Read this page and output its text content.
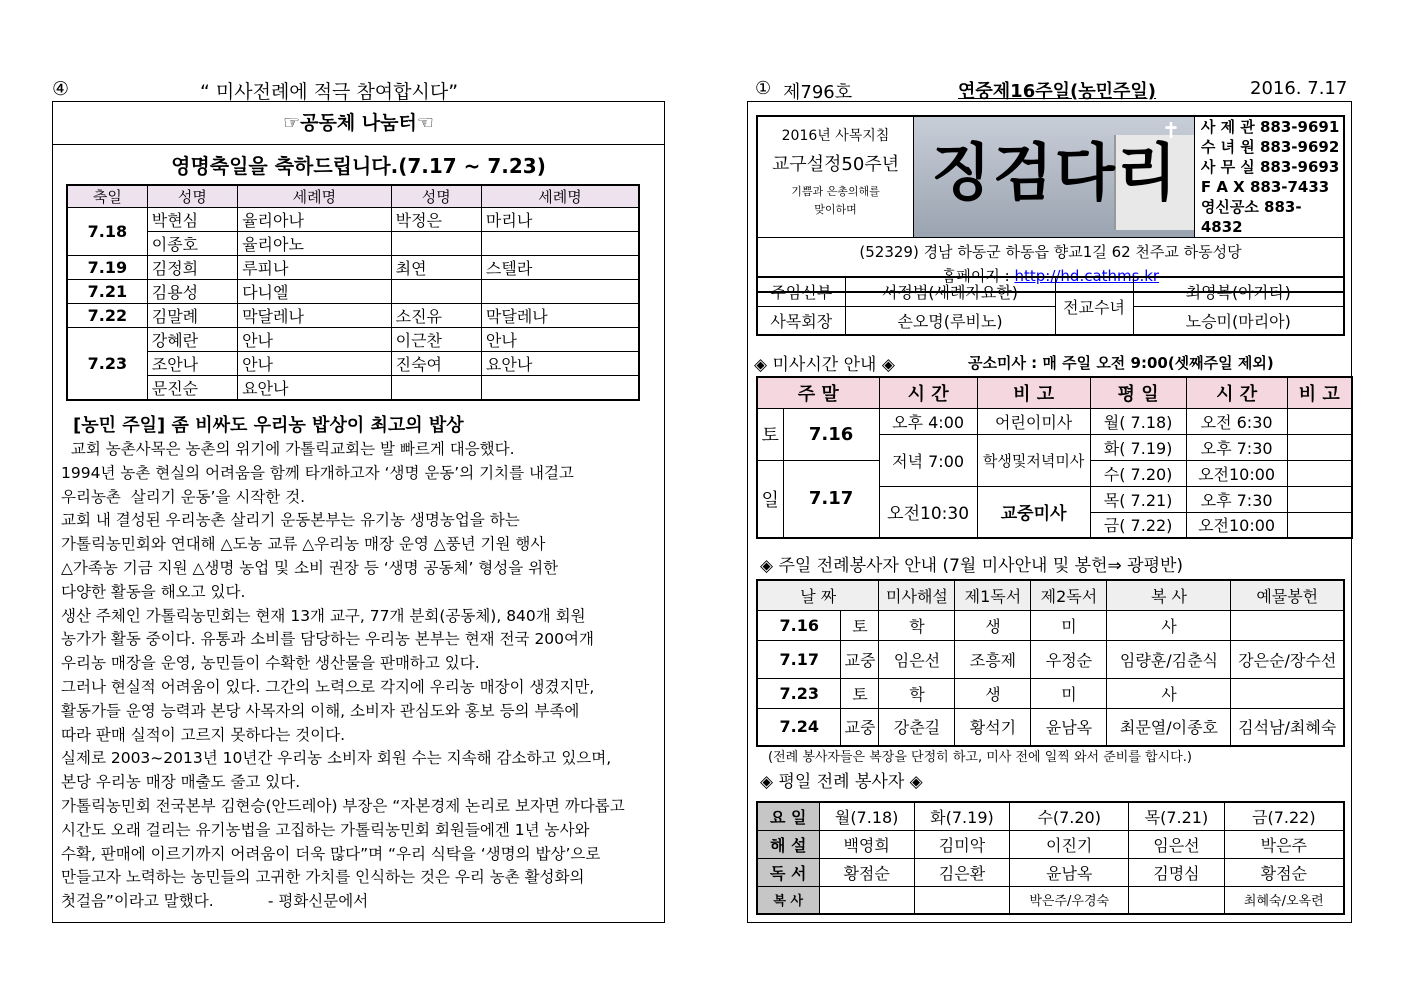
④	“ 미사전례에 적극 참여합시다”
☞공동체 나눔터☜
영명축일을 축하드립니다.(7.17 ~ 7.23)
축일	성명	세례명	성명	세례명
7.18	박현심	율리아나	박정은	마리나
	이종호	율리아노		
7.19	김정희	루피나	최연	스텔라
7.21	김용성	다니엘		
7.22	김말례	막달레나	소진유	막달레나
7.23	강혜란	안나	이근찬	안나
	조안나	안나	진숙여	요안나
	문진순	요안나		
[농민 주일] 좀 비싸도 우리농 밥상이 최고의 밥상
교회 농촌사목은 농촌의 위기에 가톨릭교회는 발 빠르게 대응했다.
1994년 농촌 현실의 어려움을 함께 타개하고자 ‘생명 운동’의 기치를 내걸고
우리농촌  살리기 운동’을 시작한 것.
교회 내 결성된 우리농촌 살리기 운동본부는 유기농 생명농업을 하는
가톨릭농민회와 연대해 △도농 교류 △우리농 매장 운영 △풍년 기원 행사
△가족농 기금 지원 △생명 농업 및 소비 권장 등 ‘생명 공동체’ 형성을 위한
다양한 활동을 해오고 있다.
생산 주체인 가톨릭농민회는 현재 13개 교구, 77개 분회(공동체), 840개 회원
농가가 활동 중이다. 유통과 소비를 담당하는 우리농 본부는 현재 전국 200여개
우리농 매장을 운영, 농민들이 수확한 생산물을 판매하고 있다.
그러나 현실적 어려움이 있다. 그간의 노력으로 각지에 우리농 매장이 생겼지만,
활동가들 운영 능력과 본당 사목자의 이해, 소비자 관심도와 홍보 등의 부족에
따라 판매 실적이 고르지 못하다는 것이다.
실제로 2003~2013년 10년간 우리농 소비자 회원 수는 지속해 감소하고 있으며,
본당 우리농 매장 매출도 줄고 있다.
가톨릭농민회 전국본부 김현승(안드레아) 부장은 “자본경제 논리로 보자면 까다롭고
시간도 오래 걸리는 유기농법을 고집하는 가톨릭농민회 회원들에겐 1년 농사와
수확, 판매에 이르기까지 어려움이 더욱 많다”며 “우리 식탁을 ‘생명의 밥상’으로
만들고자 노력하는 농민들의 고귀한 가치를 인식하는 것은 우리 농촌 활성화의
첫걸음”이라고 말했다.           - 평화신문에서
① 제796호	연중제16주일(농민주일)	2016. 7.17
2016년 사목지침
교구설정50주년
기쁨과 은총의해를
맞이하며

✝
징검다리

사 제 관 883-9691
수 녀 원 883-9692
사 무 실 883-9693
F A X 883-7433
영신공소 883-4832

(52329) 경남 하동군 하동읍 향교1길 62 천주교 하동성당
홈페이지 : http://hd.cathms.kr
주임신부	서정범(세례자요한)	전교수녀	최영복(아가타)
사목회장	손오명(루비노)		노승미(마리아)
◈ 미사시간 안내 ◈	공소미사 : 매 주일 오전 9:00(셋째주일 제외)
주 말		시 간	비 고	평 일	시 간	비 고
토	7.16	오후 4:00	어린이미사	월( 7.18)	오전 6:30	
		저녁 7:00	학생및저녁미사	화( 7.19)	오후 7:30	
일	7.17			수( 7.20)	오전10:00	
		오전10:30	교중미사	목( 7.21)	오후 7:30	
				금( 7.22)	오전10:00	
◈ 주일 전례봉사자 안내 (7월 미사안내 및 봉헌⇒ 광평반)
날 짜		미사해설	제1독서	제2독서	복 사	예물봉헌
7.16	토	학	생	미	사	
7.17	교중	임은선	조흥제	우정순	임량훈/김춘식	강은순/장수선
7.23	토	학	생	미	사	
7.24	교중	강춘길	황석기	윤남옥	최문열/이종호	김석남/최혜숙
(전례 봉사자들은 복장을 단정히 하고, 미사 전에 일찍 와서 준비를 합시다.)
◈ 평일 전례 봉사자 ◈
요 일	월(7.18)	화(7.19)	수(7.20)	목(7.21)	금(7.22)
해 설	백영희	김미악	이진기	임은선	박은주
독 서	황점순	김은환	윤남옥	김명심	황점순
복 사			박은주/우경숙		최혜숙/오옥련
